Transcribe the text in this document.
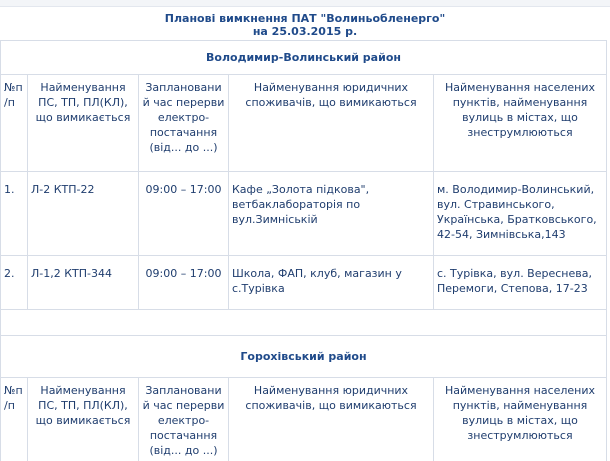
Планові вимкнення ПАТ "Волиньобленерго"
на 25.03.2015 р.
Володимир-Волинський район				
№п/п	Найменування ПС, ТП, ПЛ(КЛ), що вимикається	Запланований час перерви електро-постачання (від... до ...)	Найменування юридичних споживачів, що вимикаються	Найменування населених пунктів, найменування вулиць в містах, що знеструмлюються
1.	Л-2 КТП-22	09:00 – 17:00	Кафе „Золота підкова", ветбаклабораторія по вул.Зимніській	м. Володимир-Волинський, вул. Стравинського, Українська, Братковського, 42-54, Зимнівська,143
2.	Л-1,2 КТП-344	09:00 – 17:00	Школа, ФАП, клуб, магазин у с.Турівка	с. Турівка, вул. Вереснева, Перемоги, Степова, 17-23

Горохівський район				
№п/п	Найменування ПС, ТП, ПЛ(КЛ), що вимикається	Запланований час перерви електро-постачання (від... до ...)	Найменування юридичних споживачів, що вимикаються	Найменування населених пунктів, найменування вулиць в містах, що знеструмлюються
